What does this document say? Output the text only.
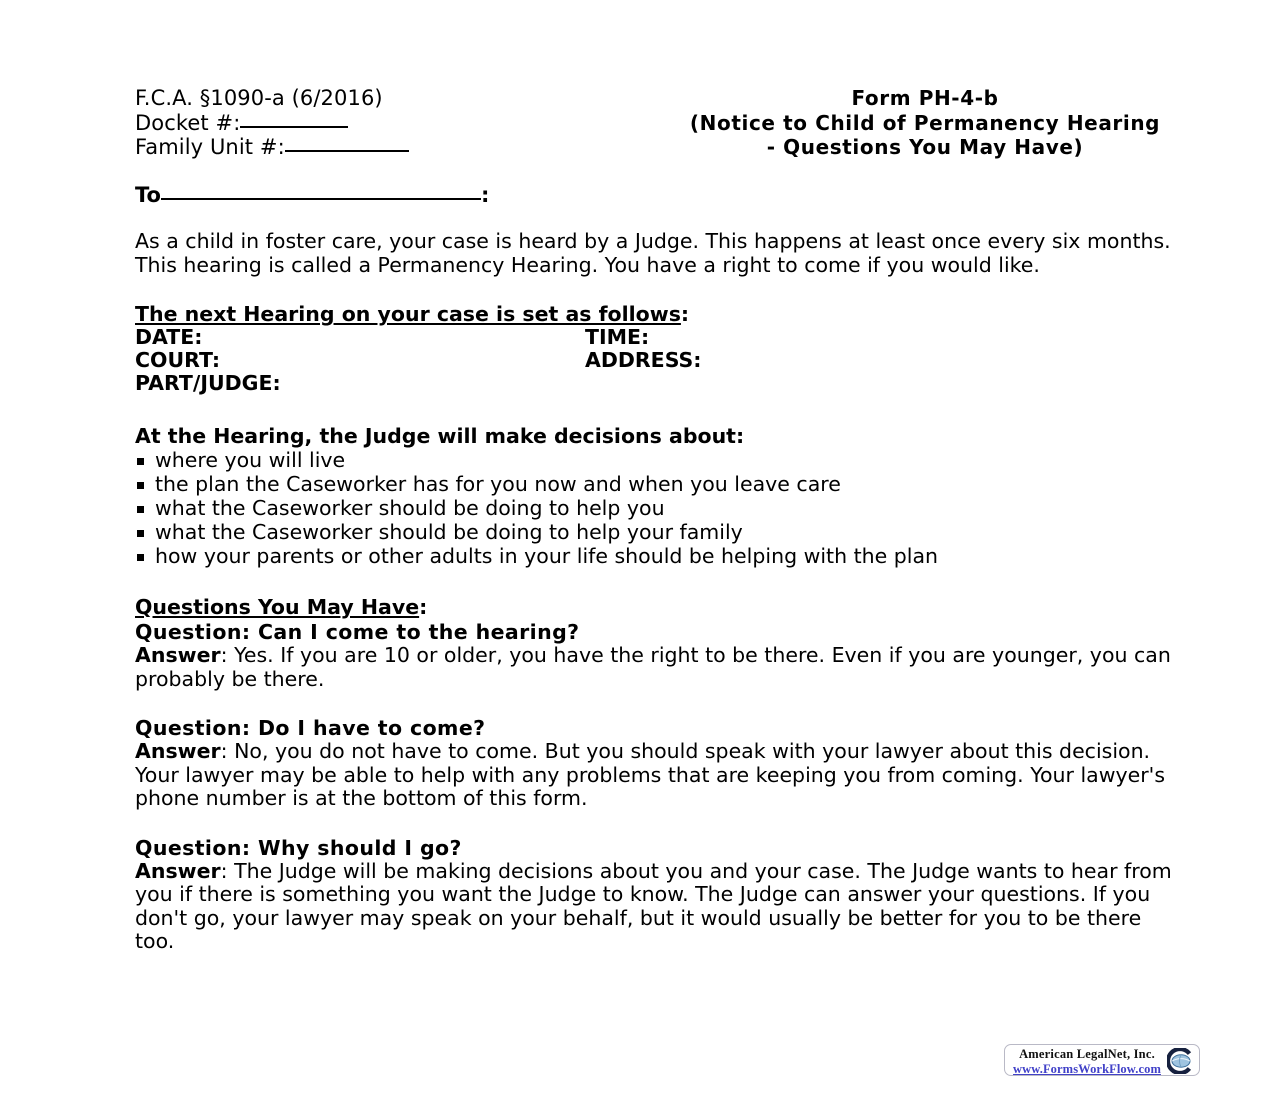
F.C.A. §1090-a (6/2016)
Docket #:
Family Unit #:
Form PH-4-b
(Notice to Child of Permanency Hearing
- Questions You May Have)
To	:
As a child in foster care, your case is heard by a Judge. This happens at least once every six months. This hearing is called a Permanency Hearing. You have a right to come if you would like.
The next Hearing on your case is set as follows:
DATE:	TIME:
COURT:	ADDRESS:
PART/JUDGE:
At the Hearing, the Judge will make decisions about:
where you will live
the plan the Caseworker has for you now and when you leave care
what the Caseworker should be doing to help you
what the Caseworker should be doing to help your family
how your parents or other adults in your life should be helping with the plan
Questions You May Have:
Question: Can I come to the hearing?
Answer: Yes. If you are 10 or older, you have the right to be there. Even if you are younger, you can probably be there.
Question: Do I have to come?
Answer: No, you do not have to come. But you should speak with your lawyer about this decision. Your lawyer may be able to help with any problems that are keeping you from coming. Your lawyer's phone number is at the bottom of this form.
Question: Why should I go?
Answer: The Judge will be making decisions about you and your case. The Judge wants to hear from you if there is something you want the Judge to know. The Judge can answer your questions. If you don't go, your lawyer may speak on your behalf, but it would usually be better for you to be there too.
American LegalNet, Inc.
www.FormsWorkFlow.com
